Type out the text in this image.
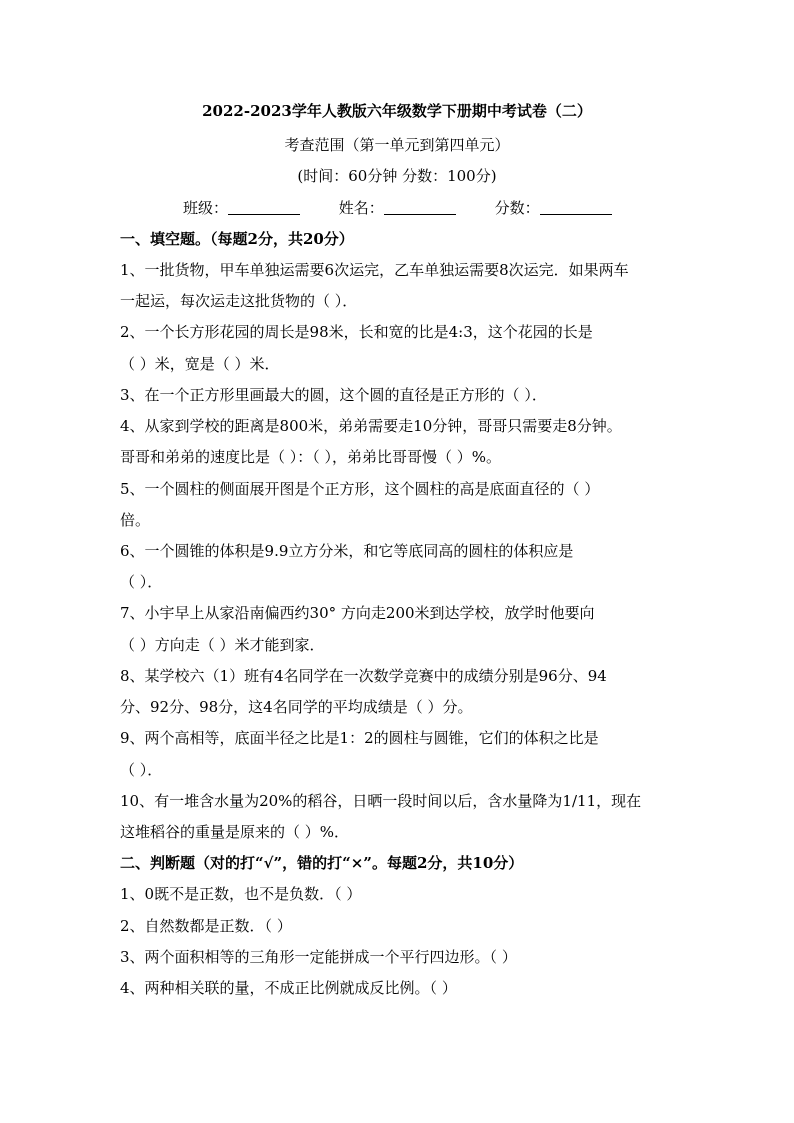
2022-2023学年人教版六年级数学下册期中考试卷（二）
考查范围（第一单元到第四单元）
(时间：60分钟 分数：100分)
班级：	姓名：	分数：
一、填空题。（每题2分，共20分）
1、一批货物，甲车单独运需要6次运完，乙车单独运需要8次运完．如果两车
一起运，每次运走这批货物的（ ）．
2、一个长方形花园的周长是98米，长和宽的比是4:3，这个花园的长是
（ ）米，宽是（ ）米．
3、在一个正方形里画最大的圆，这个圆的直径是正方形的（ ）．
4、从家到学校的距离是800米，弟弟需要走10分钟，哥哥只需要走8分钟。
哥哥和弟弟的速度比是（ ）：（ ），弟弟比哥哥慢（ ）%。
5、一个圆柱的侧面展开图是个正方形，这个圆柱的高是底面直径的（ ）
倍。
6、一个圆锥的体积是9.9立方分米，和它等底同高的圆柱的体积应是
（ ）．
7、小宇早上从家沿南偏西约30° 方向走200米到达学校，放学时他要向
（ ）方向走（ ）米才能到家．
8、某学校六（1）班有4名同学在一次数学竞赛中的成绩分别是96分、94
分、92分、98分，这4名同学的平均成绩是（ ）分。
9、两个高相等，底面半径之比是1：2的圆柱与圆锥，它们的体积之比是
（ ）．
10、有一堆含水量为20%的稻谷，日晒一段时间以后，含水量降为1/11，现在
这堆稻谷的重量是原来的（ ）%．
二、判断题（对的打“√”，错的打“×”。每题2分，共10分）
1、0既不是正数，也不是负数．（ ）
2、自然数都是正数．（ ）
3、两个面积相等的三角形一定能拼成一个平行四边形。（ ）
4、两种相关联的量，不成正比例就成反比例。（ ）
